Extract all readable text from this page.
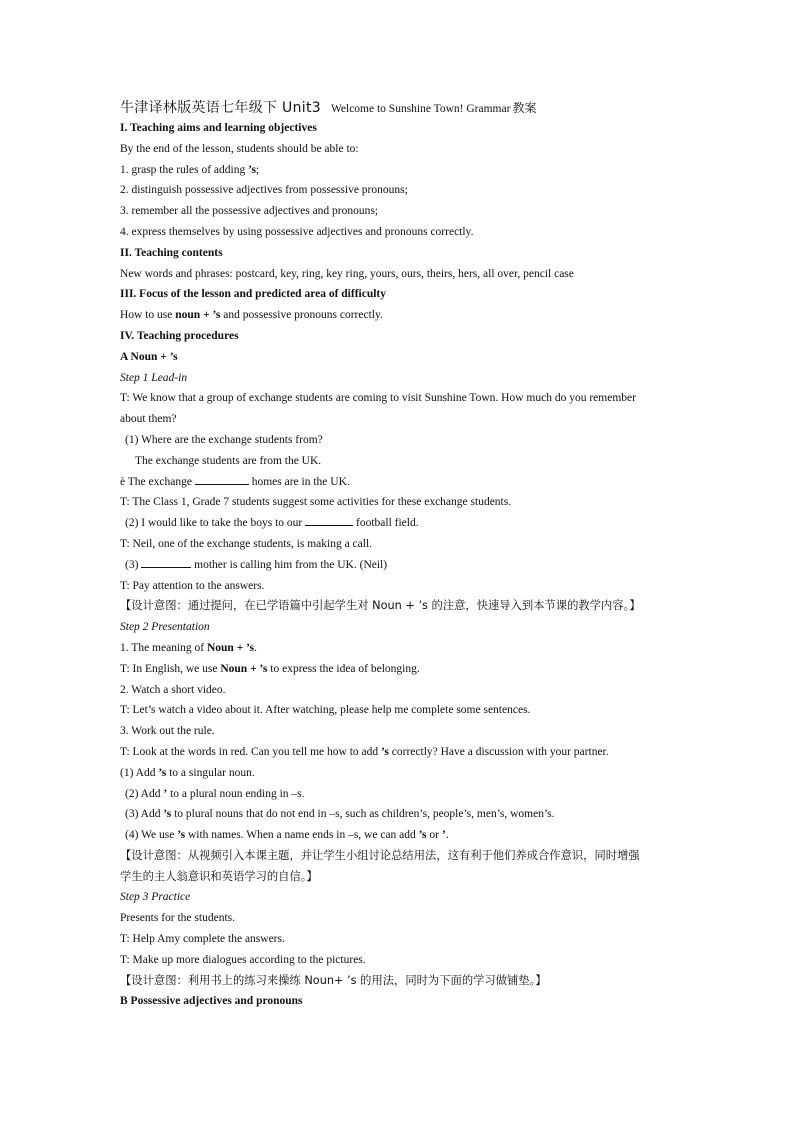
牛津译林版英语七年级下 Unit3 Welcome to Sunshine Town! Grammar 教案
I. Teaching aims and learning objectives
By the end of the lesson, students should be able to:
1. grasp the rules of adding ’s;
2. distinguish possessive adjectives from possessive pronouns;
3. remember all the possessive adjectives and pronouns;
4. express themselves by using possessive adjectives and pronouns correctly.
II. Teaching contents
New words and phrases: postcard, key, ring, key ring, yours, ours, theirs, hers, all over, pencil case
III. Focus of the lesson and predicted area of difficulty
How to use noun + ’s and possessive pronouns correctly.
IV. Teaching procedures
A Noun + ’s
Step 1 Lead-in
T: We know that a group of exchange students are coming to visit Sunshine Town. How much do you remember
about them?
(1) Where are the exchange students from?
The exchange students are from the UK.
è The exchange	homes are in the UK.
T: The Class 1, Grade 7 students suggest some activities for these exchange students.
(2) I would like to take the boys to our	football field.
T: Neil, one of the exchange students, is making a call.
(3)	mother is calling him from the UK. (Neil)
T: Pay attention to the answers.
【设计意图：通过提问，在已学语篇中引起学生对 Noun + ’s 的注意，快速导入到本节课的教学内容。】
Step 2 Presentation
1. The meaning of Noun + ’s.
T: In English, we use Noun + ’s to express the idea of belonging.
2. Watch a short video.
T: Let’s watch a video about it. After watching, please help me complete some sentences.
3. Work out the rule.
T: Look at the words in red. Can you tell me how to add ’s correctly? Have a discussion with your partner.
(1) Add ’s to a singular noun.
(2) Add ’ to a plural noun ending in –s.
(3) Add ’s to plural nouns that do not end in –s, such as children’s, people’s, men’s, women’s.
(4) We use ’s with names. When a name ends in –s, we can add ’s or ’.
【设计意图：从视频引入本课主题，并让学生小组讨论总结用法，这有利于他们养成合作意识，同时增强
学生的主人翁意识和英语学习的自信。】
Step 3 Practice
Presents for the students.
T: Help Amy complete the answers.
T: Make up more dialogues according to the pictures.
【设计意图：利用书上的练习来操练 Noun+ ’s 的用法，同时为下面的学习做铺垫。】
B Possessive adjectives and pronouns
